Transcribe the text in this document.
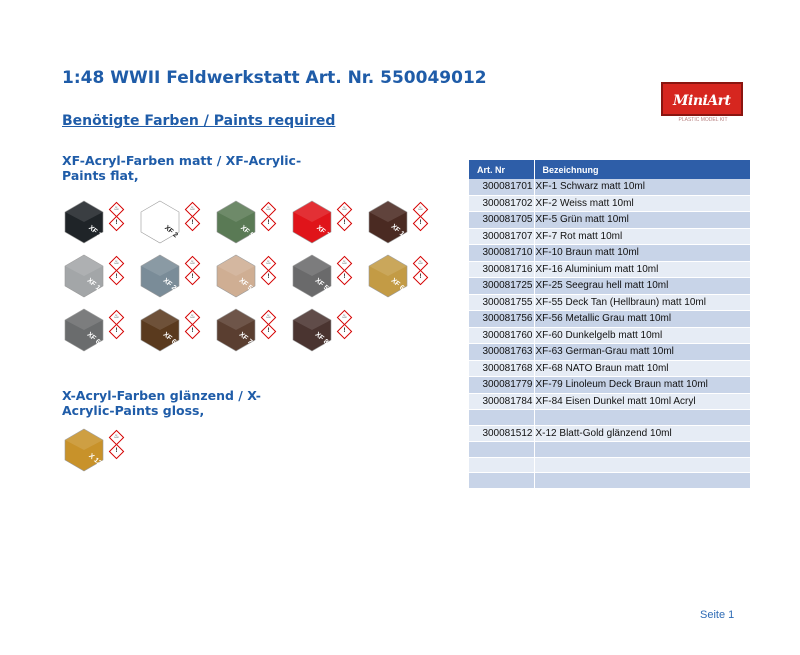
1:48 WWII Feldwerkstatt Art. Nr. 550049012
Benötigte Farben / Paints required
MiniArt
PLASTIC MODEL KIT
XF-Acryl-Farben matt / XF-Acrylic-Paints flat,
X-Acryl-Farben glänzend / X-Acrylic-Paints gloss,
XF 1
♨
!
XF 2
♨
!
XF 5
♨
!
XF 7
♨
!
XF 10
♨
!
XF 16
♨
!
XF 25
♨
!
XF 55
♨
!
XF 56
♨
!
XF 60
♨
!
XF 63
♨
!
XF 68
♨
!
XF 79
♨
!
XF 84
♨
!
X 12
♨
!
Art. Nr	Bezeichnung
300081701	XF-1 Schwarz matt 10ml
300081702	XF-2 Weiss matt 10ml
300081705	XF-5 Grün matt 10ml
300081707	XF-7 Rot matt 10ml
300081710	XF-10 Braun matt 10ml
300081716	XF-16 Aluminium matt 10ml
300081725	XF-25 Seegrau hell matt 10ml
300081755	XF-55 Deck Tan (Hellbraun) matt 10ml
300081756	XF-56 Metallic Grau matt 10ml
300081760	XF-60 Dunkelgelb matt 10ml
300081763	XF-63 German-Grau matt 10ml
300081768	XF-68 NATO Braun matt 10ml
300081779	XF-79 Linoleum Deck Braun matt 10ml
300081784	XF-84 Eisen Dunkel matt 10ml Acryl

300081512	X-12 Blatt-Gold glänzend 10ml

Seite 1
